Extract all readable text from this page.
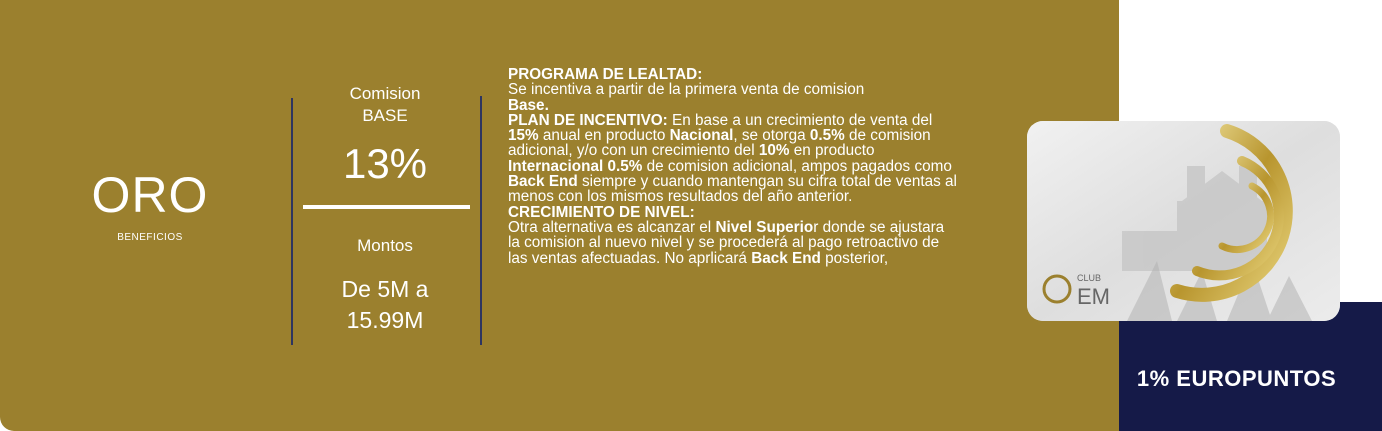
ORO
BENEFICIOS
Comision
BASE
13%
Montos
De 5M a
15.99M

PROGRAMA DE LEALTAD:

Se incentiva a partir de la primera venta de comision

Base.

PLAN DE INCENTIVO: En base a un crecimiento de venta del 15% anual en producto Nacional, se otorga 0.5% de comision adicional, y/o con un crecimiento del 10% en producto Internacional 0.5% de comision adicional, ampos pagados como Back End siempre y cuando mantengan su cifra total de ventas al menos con los mismos resultados del año anterior.

CRECIMIENTO DE NIVEL:

Otra alternativa es alcanzar el Nivel Superior donde se ajustara la comision al nuevo nivel y se procederá al pago retroactivo de las ventas afectuadas. No aprlicará Back End posterior,

CLUB
EM
1% EUROPUNTOS
